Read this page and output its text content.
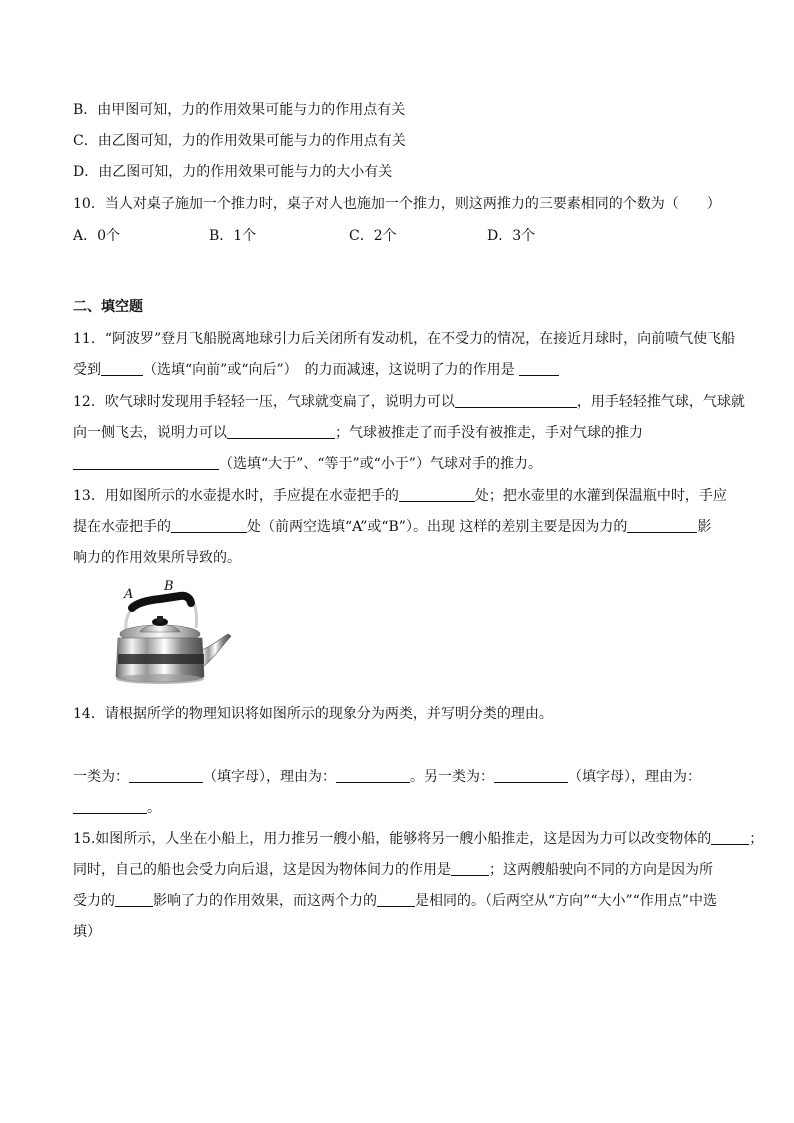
B．由甲图可知，力的作用效果可能与力的作用点有关
C．由乙图可知，力的作用效果可能与力的作用点有关
D．由乙图可知，力的作用效果可能与力的大小有关
10．当人对桌子施加一个推力时，桌子对人也施加一个推力，则这两推力的三要素相同的个数为（　　）
A．0个	B．1个	C．2个	D．3个
二、填空题
11．“阿波罗”登月飞船脱离地球引力后关闭所有发动机，在不受力的情况，在接近月球时，向前喷气使飞船
受到	（选填“向前”或“向后”）　的力而减速，这说明了力的作用是
12．吹气球时发现用手轻轻一压，气球就变扁了，说明力可以	，用手轻轻推气球，气球就
向一侧飞去，说明力可以	；气球被推走了而手没有被推走，手对气球的推力
（选填“大于”、“等于”或“小于”）气球对手的推力。
13．用如图所示的水壶提水时，手应提在水壶把手的	处；把水壶里的水灌到保温瓶中时，手应
提在水壶把手的	处（前两空选填“A”或“B”）。出现 这样的差别主要是因为力的	影
响力的作用效果所导致的。
A
B
14．请根据所学的物理知识将如图所示的现象分为两类，并写明分类的理由。
一类为：	（填字母），理由为：	。另一类为：	（填字母），理由为：
。
15.如图所示，人坐在小船上，用力推另一艘小船，能够将另一艘小船推走，这是因为力可以改变物体的	；
同时，自己的船也会受力向后退，这是因为物体间力的作用是	；这两艘船驶向不同的方向是因为所
受力的	影响了力的作用效果，而这两个力的	是相同的。（后两空从“方向”“大小”“作用点”中选
填）
